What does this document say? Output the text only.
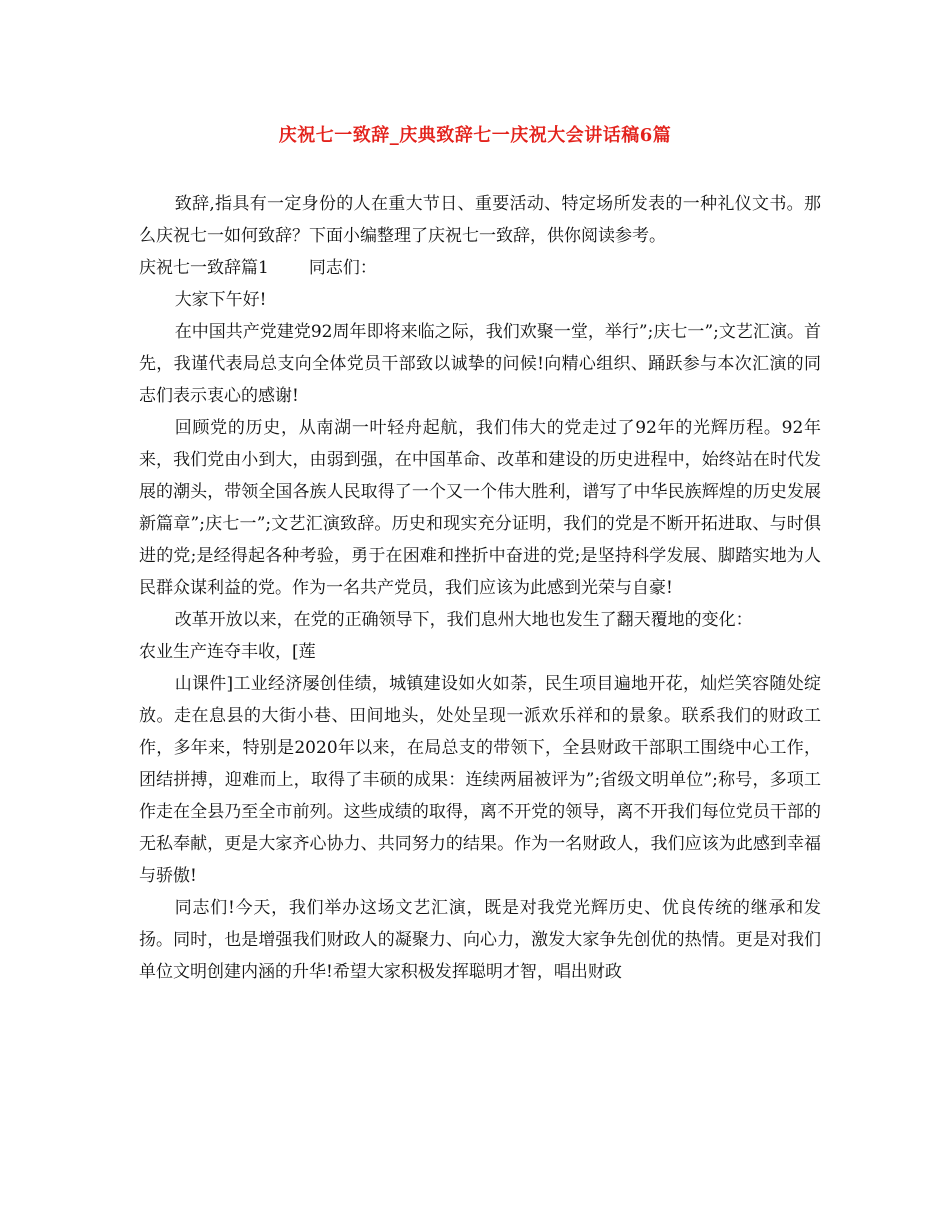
庆祝七一致辞_庆典致辞七一庆祝大会讲话稿6篇

致辞,指具有一定身份的人在重大节日、重要活动、特定场所发表的一种礼仪文书。那么庆祝七一如何致辞？下面小编整理了庆祝七一致辞，供你阅读参考。

庆祝七一致辞篇1 同志们：

大家下午好!

在中国共产党建党92周年即将来临之际，我们欢聚一堂，举行”;庆七一”;文艺汇演。首先，我谨代表局总支向全体党员干部致以诚挚的问候!向精心组织、踊跃参与本次汇演的同志们表示衷心的感谢!

回顾党的历史，从南湖一叶轻舟起航，我们伟大的党走过了92年的光辉历程。92年来，我们党由小到大，由弱到强，在中国革命、改革和建设的历史进程中，始终站在时代发展的潮头，带领全国各族人民取得了一个又一个伟大胜利，谱写了中华民族辉煌的历史发展新篇章”;庆七一”;文艺汇演致辞。历史和现实充分证明，我们的党是不断开拓进取、与时俱进的党;是经得起各种考验，勇于在困难和挫折中奋进的党;是坚持科学发展、脚踏实地为人民群众谋利益的党。作为一名共产党员，我们应该为此感到光荣与自豪!

改革开放以来，在党的正确领导下，我们息州大地也发生了翻天覆地的变化：

农业生产连夺丰收，[莲

山课件]工业经济屡创佳绩，城镇建设如火如荼，民生项目遍地开花，灿烂笑容随处绽放。走在息县的大街小巷、田间地头，处处呈现一派欢乐祥和的景象。联系我们的财政工作，多年来，特别是2020年以来，在局总支的带领下，全县财政干部职工围绕中心工作，团结拼搏，迎难而上，取得了丰硕的成果：连续两届被评为”;省级文明单位”;称号，多项工作走在全县乃至全市前列。这些成绩的取得，离不开党的领导，离不开我们每位党员干部的无私奉献，更是大家齐心协力、共同努力的结果。作为一名财政人，我们应该为此感到幸福与骄傲!

同志们!今天，我们举办这场文艺汇演，既是对我党光辉历史、优良传统的继承和发扬。同时，也是增强我们财政人的凝聚力、向心力，激发大家争先创优的热情。更是对我们单位文明创建内涵的升华!希望大家积极发挥聪明才智，唱出财政
